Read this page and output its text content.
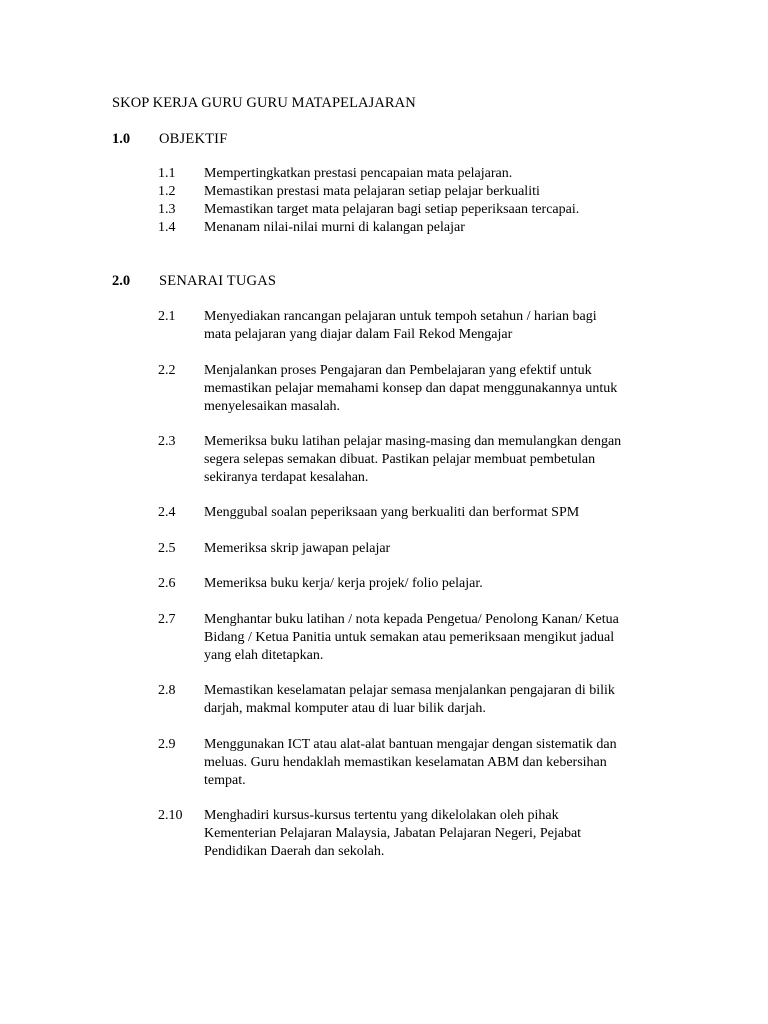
SKOP KERJA GURU GURU MATAPELAJARAN
1.0 OBJEKTIF
1.1 Mempertingkatkan prestasi pencapaian mata pelajaran.
1.2 Memastikan prestasi mata pelajaran setiap pelajar berkualiti
1.3 Memastikan target mata pelajaran bagi setiap peperiksaan tercapai.
1.4 Menanam nilai-nilai murni di kalangan pelajar
2.0 SENARAI TUGAS
2.1 Menyediakan rancangan pelajaran untuk tempoh setahun / harian bagi
mata pelajaran yang diajar dalam Fail Rekod Mengajar
2.2 Menjalankan proses Pengajaran dan Pembelajaran yang efektif untuk
memastikan pelajar memahami konsep dan dapat menggunakannya untuk
menyelesaikan masalah.
2.3 Memeriksa buku latihan pelajar masing-masing dan memulangkan dengan
segera selepas semakan dibuat. Pastikan pelajar membuat pembetulan
sekiranya terdapat kesalahan.
2.4 Menggubal soalan peperiksaan yang berkualiti dan berformat SPM
2.5 Memeriksa skrip jawapan pelajar
2.6 Memeriksa buku kerja/ kerja projek/ folio pelajar.
2.7 Menghantar buku latihan / nota kepada Pengetua/ Penolong Kanan/ Ketua
Bidang / Ketua Panitia untuk semakan atau pemeriksaan mengikut jadual
yang elah ditetapkan.
2.8 Memastikan keselamatan pelajar semasa menjalankan pengajaran di bilik
darjah, makmal komputer atau di luar bilik darjah.
2.9 Menggunakan ICT atau alat-alat bantuan mengajar dengan sistematik dan
meluas. Guru hendaklah memastikan keselamatan ABM dan kebersihan
tempat.
2.10 Menghadiri kursus-kursus tertentu yang dikelolakan oleh pihak
Kementerian Pelajaran Malaysia, Jabatan Pelajaran Negeri, Pejabat
Pendidikan Daerah dan sekolah.
